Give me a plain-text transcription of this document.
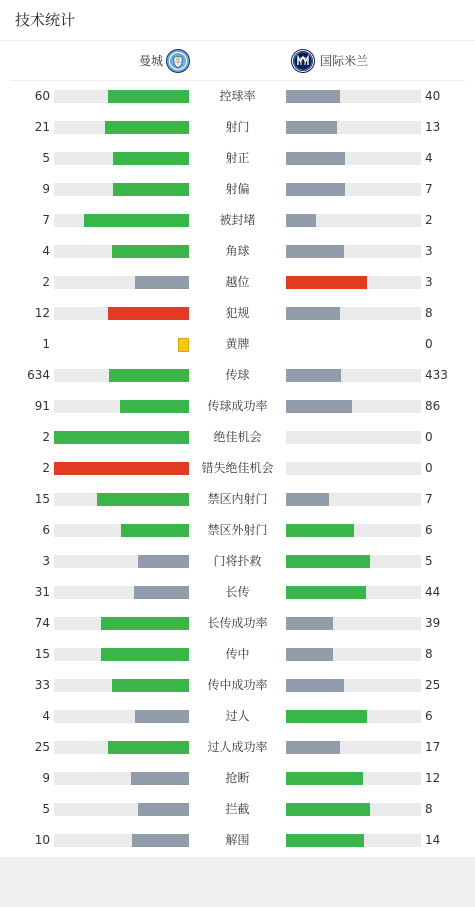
技术统计
曼城	国际米兰
60	控球率	40
21	射门	13
5	射正	4
9	射偏	7
7	被封堵	2
4	角球	3
2	越位	3
12	犯规	8
1	黄牌	0
634	传球	433
91	传球成功率	86
2	绝佳机会	0
2	错失绝佳机会	0
15	禁区内射门	7
6	禁区外射门	6
3	门将扑救	5
31	长传	44
74	长传成功率	39
15	传中	8
33	传中成功率	25
4	过人	6
25	过人成功率	17
9	抢断	12
5	拦截	8
10	解围	14
